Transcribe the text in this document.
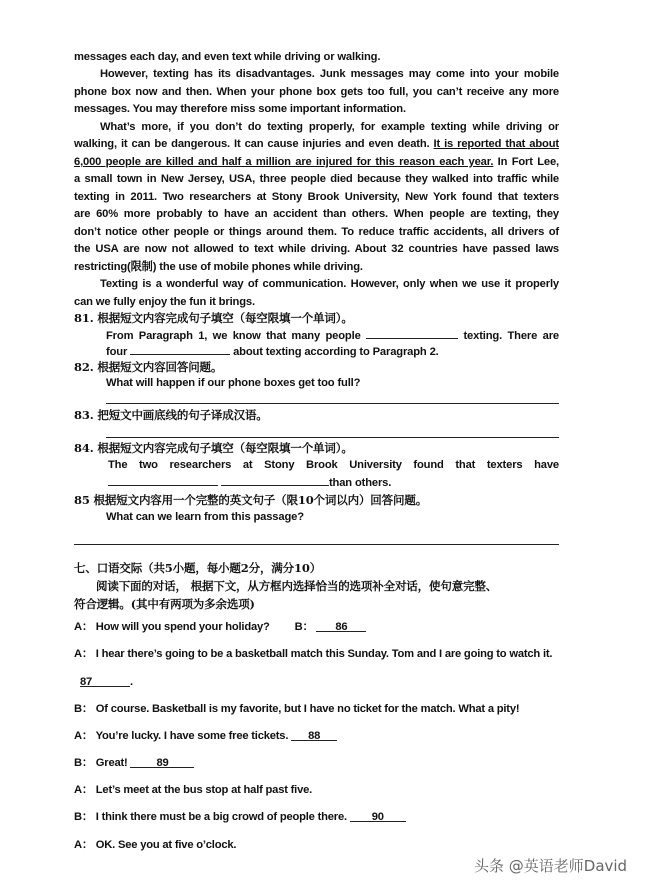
messages each day, and even text while driving or walking.
However, texting has its disadvantages. Junk messages may come into your mobile
phone box now and then. When your phone box gets too full, you can’t receive any more
messages. You may therefore miss some important information.
What’s more, if you don’t do texting properly, for example texting while driving or
walking, it can be dangerous. It can cause injuries and even death. It is reported that about
6,000 people are killed and half a million are injured for this reason each year. In Fort Lee,
a small town in New Jersey, USA, three people died because they walked into traffic while
texting in 2011. Two researchers at Stony Brook University, New York found that texters
are 60% more probably to have an accident than others. When people are texting, they
don’t notice other people or things around them. To reduce traffic accidents, all drivers of
the USA are now not allowed to text while driving. About 32 countries have passed laws
restricting(限制) the use of mobile phones while driving.
Texting is a wonderful way of communication. However, only when we use it properly
can we fully enjoy the fun it brings.
81. 根据短文内容完成句子填空（每空限填一个单词）。
From Paragraph 1, we know that many people	texting. There are
four	about texting according to Paragraph 2.
82. 根据短文内容回答问题。
What will happen if our phone boxes get too full?
83. 把短文中画底线的句子译成汉语。
84. 根据短文内容完成句子填空（每空限填一个单词）。
The two researchers at Stony Brook University found that texters have
than others.
85 根据短文内容用一个完整的英文句子（限10个词以内）回答问题。
What can we learn from this passage?
七、口语交际（共5小题，每小题2分，满分10）
阅读下面的对话， 根据下文，从方框内选择恰当的选项补全对话，使句意完整、
符合逻辑。(其中有两项为多余选项)
A： How will you spend your holiday? B： 86
A： I hear there’s going to be a basketball match this Sunday. Tom and I are going to watch it.
87	.
B： Of course. Basketball is my favorite, but I have no ticket for the match. What a pity!
A： You’re lucky. I have some free tickets. 88
B： Great!	89
A： Let’s meet at the bus stop at half past five.
B： I think there must be a big crowd of people there. 90
A： OK. See you at five o’clock.
头条 @英语老师David
